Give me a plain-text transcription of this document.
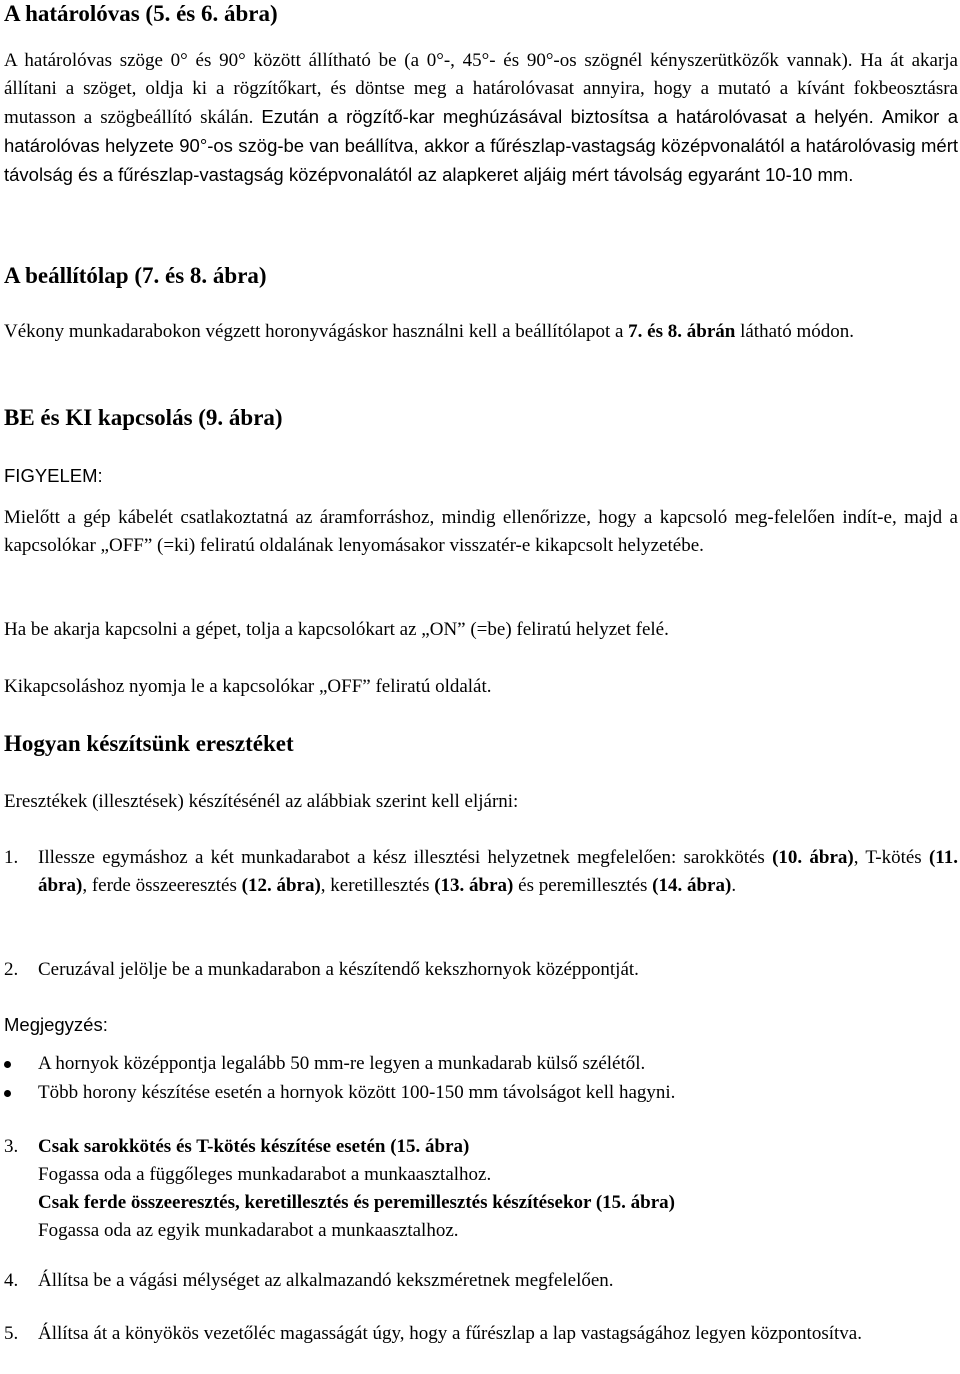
A határolóvas (5. és 6. ábra)

A határolóvas szöge 0° és 90° között állítható be (a 0°-, 45°- és 90°-os szögnél kényszerütközők vannak). Ha át akarja állítani a szöget, oldja ki a rögzítőkart, és döntse meg a határolóvasat annyira, hogy a mutató a kívánt fokbeosztásra mutasson a szögbeállító skálán. Ezután a rögzítő-kar meghúzásával biztosítsa a határolóvasat a helyén. Amikor a határolóvas helyzete 90°-os szög-be van beállítva, akkor a fűrészlap-vastagság középvonalától a határolóvasig mért távolság és a fűrészlap-vastagság középvonalától az alapkeret aljáig mért távolság egyaránt 10-10 mm.

A beállítólap (7. és 8. ábra)

Vékony munkadarabokon végzett horonyvágáskor használni kell a beállítólapot a 7. és 8. ábrán látható módon.

BE és KI kapcsolás (9. ábra)
FIGYELEM:

Mielőtt a gép kábelét csatlakoztatná az áramforráshoz, mindig ellenőrizze, hogy a kapcsoló meg-felelően indít-e, majd a kapcsolókar „OFF” (=ki) feliratú oldalának lenyomásakor visszatér-e kikapcsolt helyzetébe.

Ha be akarja kapcsolni a gépet, tolja a kapcsolókart az „ON” (=be) feliratú helyzet felé.

Kikapcsoláshoz nyomja le a kapcsolókar „OFF” feliratú oldalát.

Hogyan készítsünk eresztéket

Eresztékek (illesztések) készítésénél az alábbiak szerint kell eljárni:

1. Illessze egymáshoz a két munkadarabot a kész illesztési helyzetnek megfelelően: sarokkötés (10. ábra), T-kötés (11. ábra), ferde összeeresztés (12. ábra), keretillesztés (13. ábra) és peremillesztés (14. ábra).

2. Ceruzával jelölje be a munkadarabon a készítendő kekszhornyok középpontját.

Megjegyzés:

A hornyok középpontja legalább 50 mm-re legyen a munkadarab külső szélétől.

Több horony készítése esetén a hornyok között 100-150 mm távolságot kell hagyni.

3. Csak sarokkötés és T-kötés készítése esetén (15. ábra)
Fogassa oda a függőleges munkadarabot a munkaasztalhoz.
Csak ferde összeeresztés, keretillesztés és peremillesztés készítésekor (15. ábra)
Fogassa oda az egyik munkadarabot a munkaasztalhoz.
4. Állítsa be a vágási mélységet az alkalmazandó kekszméretnek megfelelően.

5. Állítsa át a könyökös vezetőléc magasságát úgy, hogy a fűrészlap a lap vastagságához legyen központosítva.
